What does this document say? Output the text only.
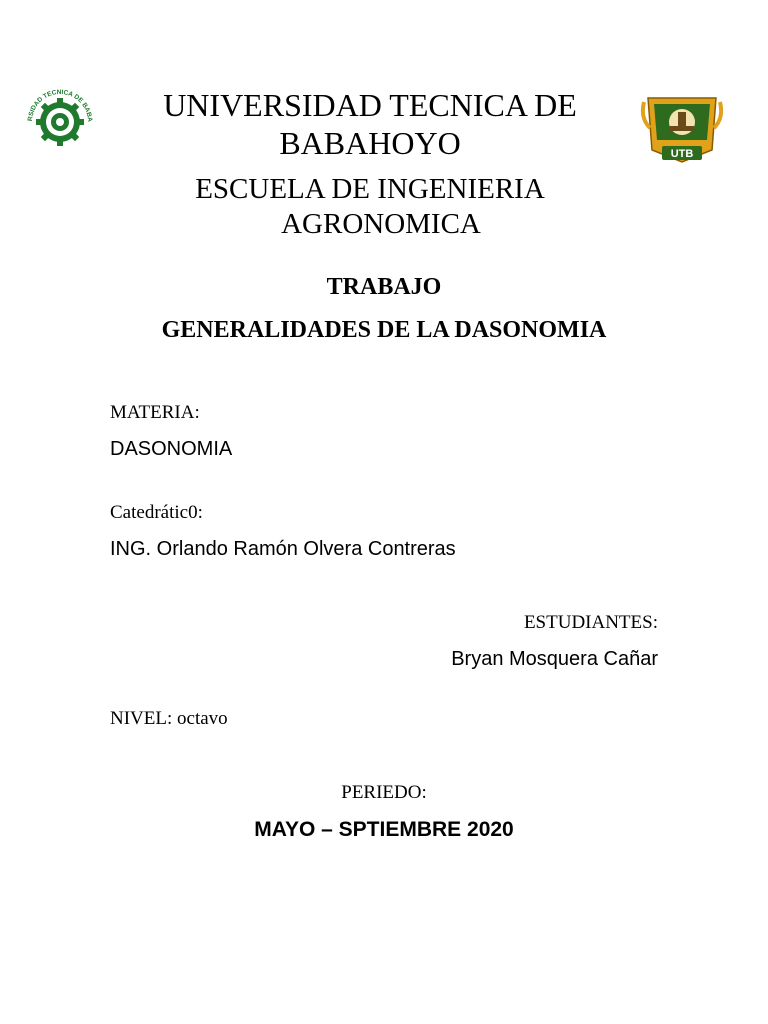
RSIDAD TECNICA DE BABA
UTB
UNIVERSIDAD TECNICA DE
BABAHOYO
ESCUELA DE INGENIERIA
AGRONOMICA
TRABAJO
GENERALIDADES DE LA DASONOMIA
MATERIA:
DASONOMIA
Catedrátic0:
ING. Orlando Ramón Olvera Contreras
ESTUDIANTES:
Bryan Mosquera Cañar
NIVEL: octavo
PERIEDO:
MAYO – SPTIEMBRE 2020
